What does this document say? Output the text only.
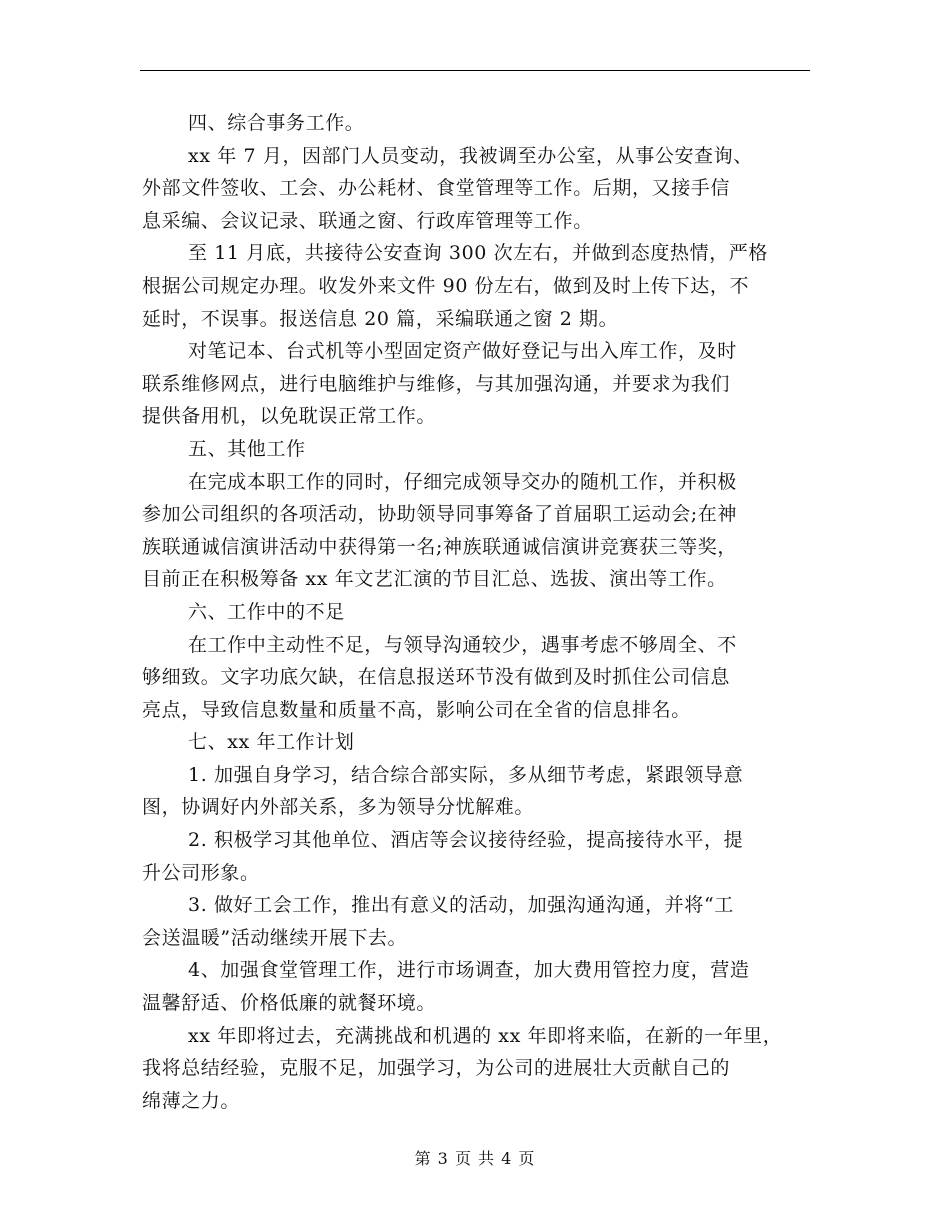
四、综合事务工作。
xx 年 7 月，因部门人员变动，我被调至办公室，从事公安查询、
外部文件签收、工会、办公耗材、食堂管理等工作。后期，又接手信
息采编、会议记录、联通之窗、行政库管理等工作。
至 11 月底，共接待公安查询 300 次左右，并做到态度热情，严格
根据公司规定办理。收发外来文件 90 份左右，做到及时上传下达，不
延时，不误事。报送信息 20 篇，采编联通之窗 2 期。
对笔记本、台式机等小型固定资产做好登记与出入库工作，及时
联系维修网点，进行电脑维护与维修，与其加强沟通，并要求为我们
提供备用机，以免耽误正常工作。
五、其他工作
在完成本职工作的同时，仔细完成领导交办的随机工作，并积极
参加公司组织的各项活动，协助领导同事筹备了首届职工运动会;在神
族联通诚信演讲活动中获得第一名;神族联通诚信演讲竞赛获三等奖，
目前正在积极筹备 xx 年文艺汇演的节目汇总、选拔、演出等工作。
六、工作中的不足
在工作中主动性不足，与领导沟通较少，遇事考虑不够周全、不
够细致。文字功底欠缺，在信息报送环节没有做到及时抓住公司信息
亮点，导致信息数量和质量不高，影响公司在全省的信息排名。
七、xx 年工作计划
1. 加强自身学习，结合综合部实际，多从细节考虑，紧跟领导意
图，协调好内外部关系，多为领导分忧解难。
2. 积极学习其他单位、酒店等会议接待经验，提高接待水平，提
升公司形象。
3. 做好工会工作，推出有意义的活动，加强沟通沟通，并将“工
会送温暖”活动继续开展下去。
4、加强食堂管理工作，进行市场调查，加大费用管控力度，营造
温馨舒适、价格低廉的就餐环境。
xx 年即将过去，充满挑战和机遇的 xx 年即将来临，在新的一年里，
我将总结经验，克服不足，加强学习，为公司的进展壮大贡献自己的
绵薄之力。
第 3 页 共 4 页
